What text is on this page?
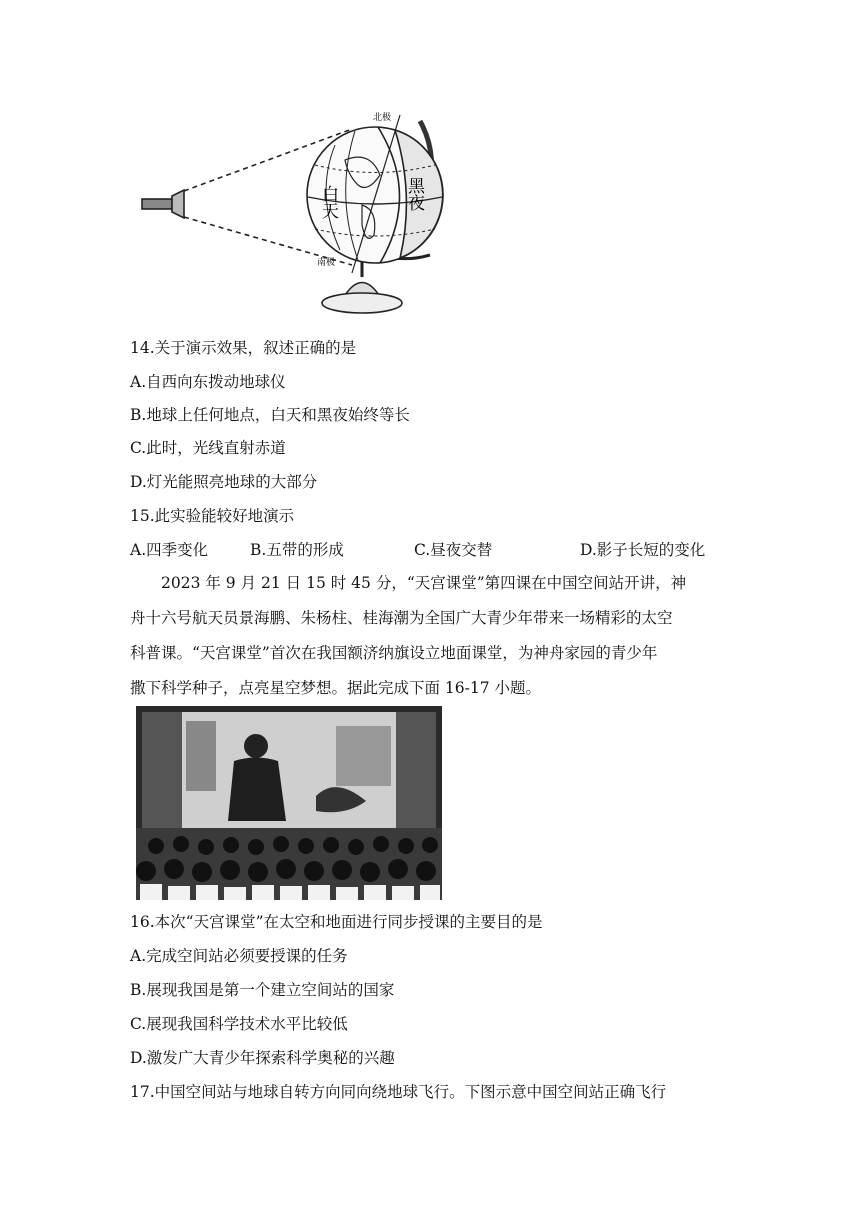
北极
南极
白天	黑夜
14.关于演示效果，叙述正确的是
A.自西向东拨动地球仪
B.地球上任何地点，白天和黑夜始终等长
C.此时，光线直射赤道
D.灯光能照亮地球的大部分
15.此实验能较好地演示
A.四季变化	B.五带的形成	C.昼夜交替	D.影子长短的变化
2023 年 9 月 21 日 15 时 45 分，“天宫课堂”第四课在中国空间站开讲，神
舟十六号航天员景海鹏、朱杨柱、桂海潮为全国广大青少年带来一场精彩的太空
科普课。“天宫课堂”首次在我国额济纳旗设立地面课堂，为神舟家园的青少年
撒下科学种子，点亮星空梦想。据此完成下面 16-17 小题。
16.本次“天宫课堂”在太空和地面进行同步授课的主要目的是
A.完成空间站必须要授课的任务
B.展现我国是第一个建立空间站的国家
C.展现我国科学技术水平比较低
D.激发广大青少年探索科学奥秘的兴趣
17.中国空间站与地球自转方向同向绕地球飞行。下图示意中国空间站正确飞行
